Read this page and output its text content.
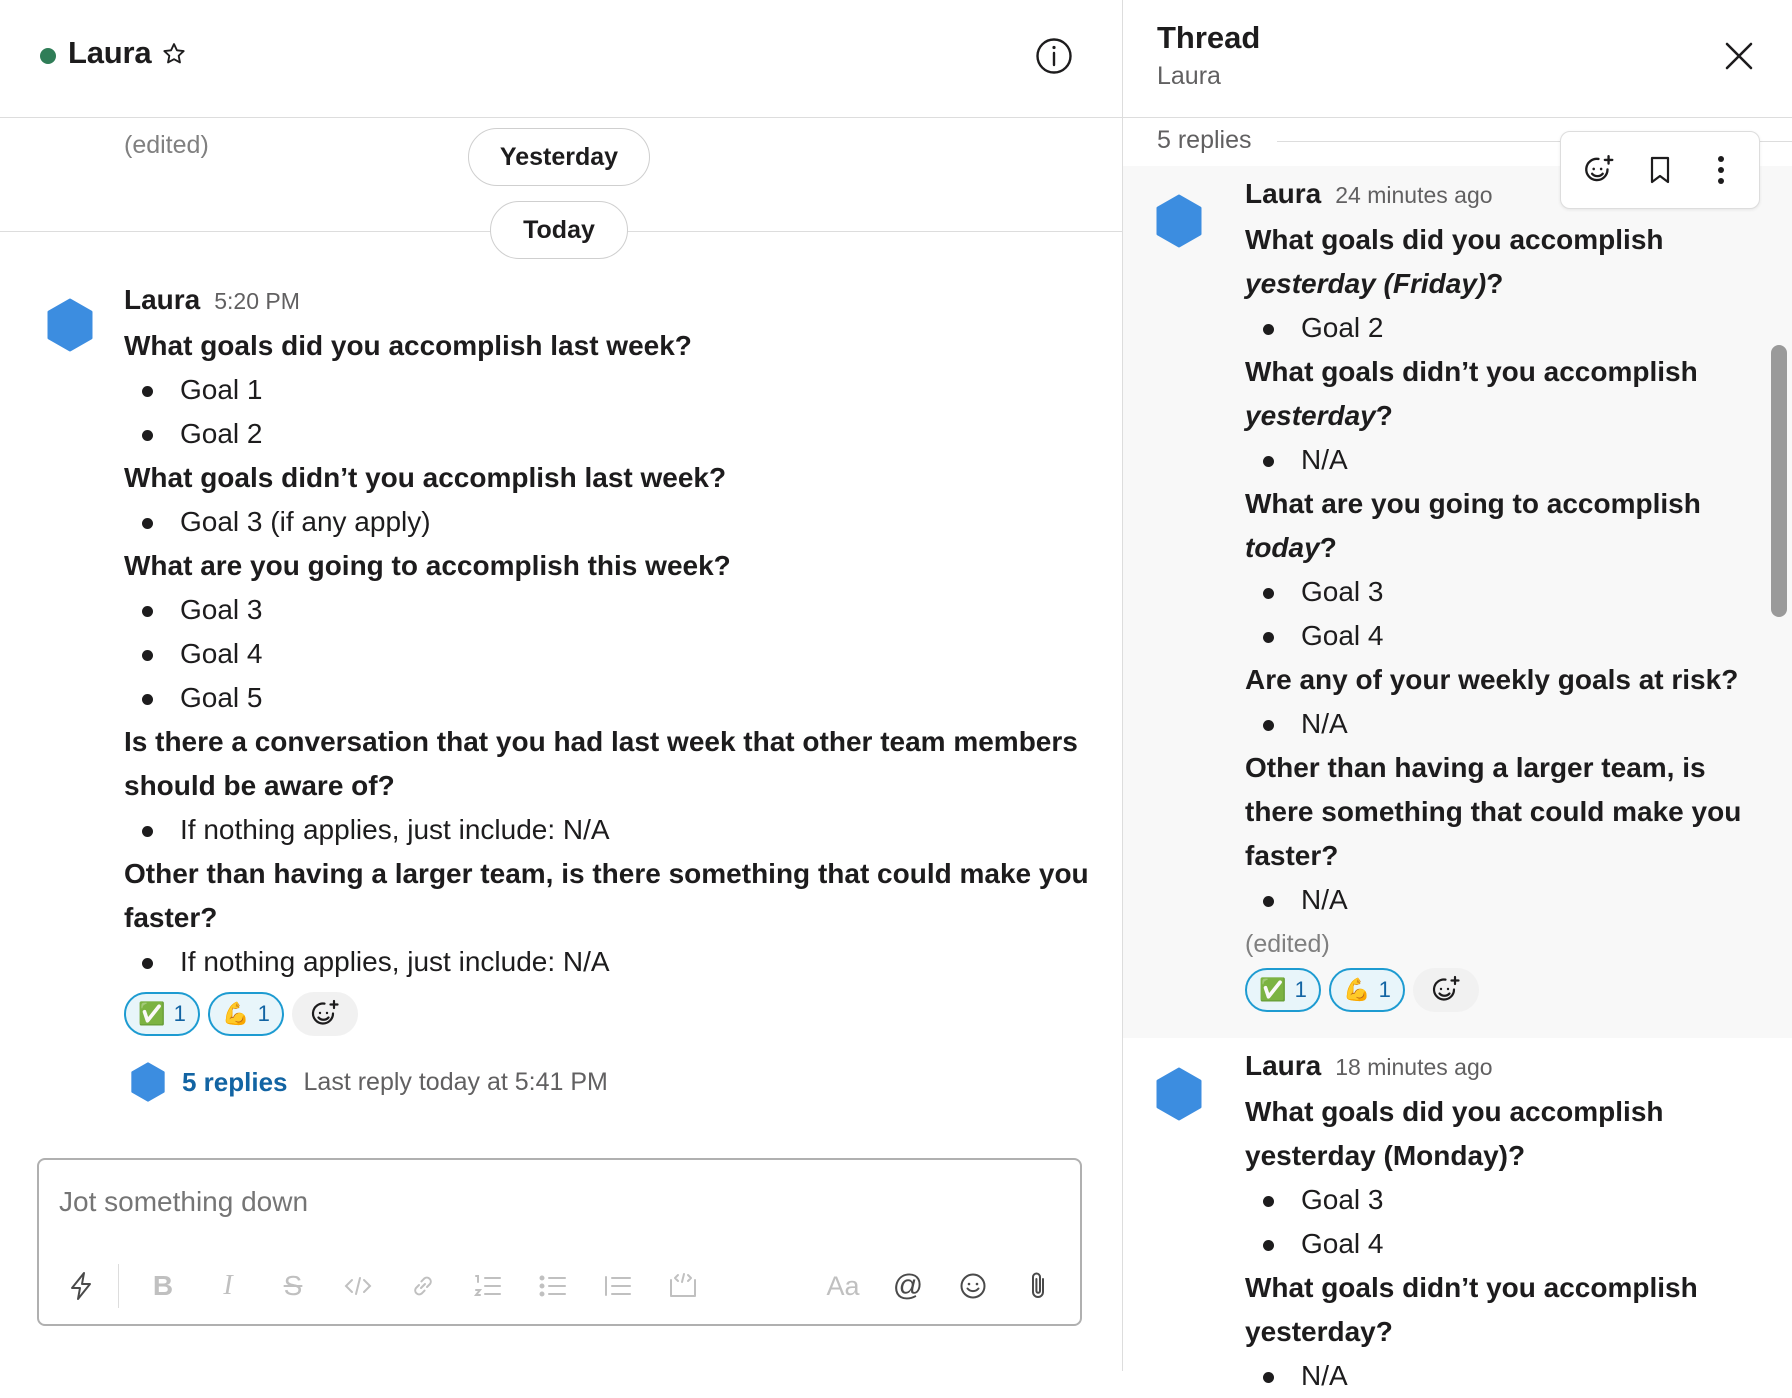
Laura
(edited)	Yesterday
Today
Laura 5:20 PM
What goals did you accomplish last week?
Goal 1
Goal 2
What goals didn’t you accomplish last week?
Goal 3 (if any apply)
What are you going to accomplish this week?
Goal 3
Goal 4
Goal 5
Is there a conversation that you had last week that other team members should be aware of?
If nothing applies, just include: N/A
Other than having a larger team, is there something that could make you faster?
If nothing applies, just include: N/A
✅ 1 💪 1
5 replies Last reply today at 5:41 PM
Jot something down
B	I	S	Aa @
Thread
Laura
5 replies
Laura 24 minutes ago
What goals did you accomplish
yesterday (Friday)?
Goal 2
What goals didn’t you accomplish
yesterday?
N/A
What are you going to accomplish
today?
Goal 3
Goal 4
Are any of your weekly goals at risk?
N/A
Other than having a larger team, is
there something that could make you
faster?
N/A
(edited)
✅ 1 💪 1
Laura 18 minutes ago
What goals did you accomplish
yesterday (Monday)?
Goal 3
Goal 4
What goals didn’t you accomplish
yesterday?
N/A
